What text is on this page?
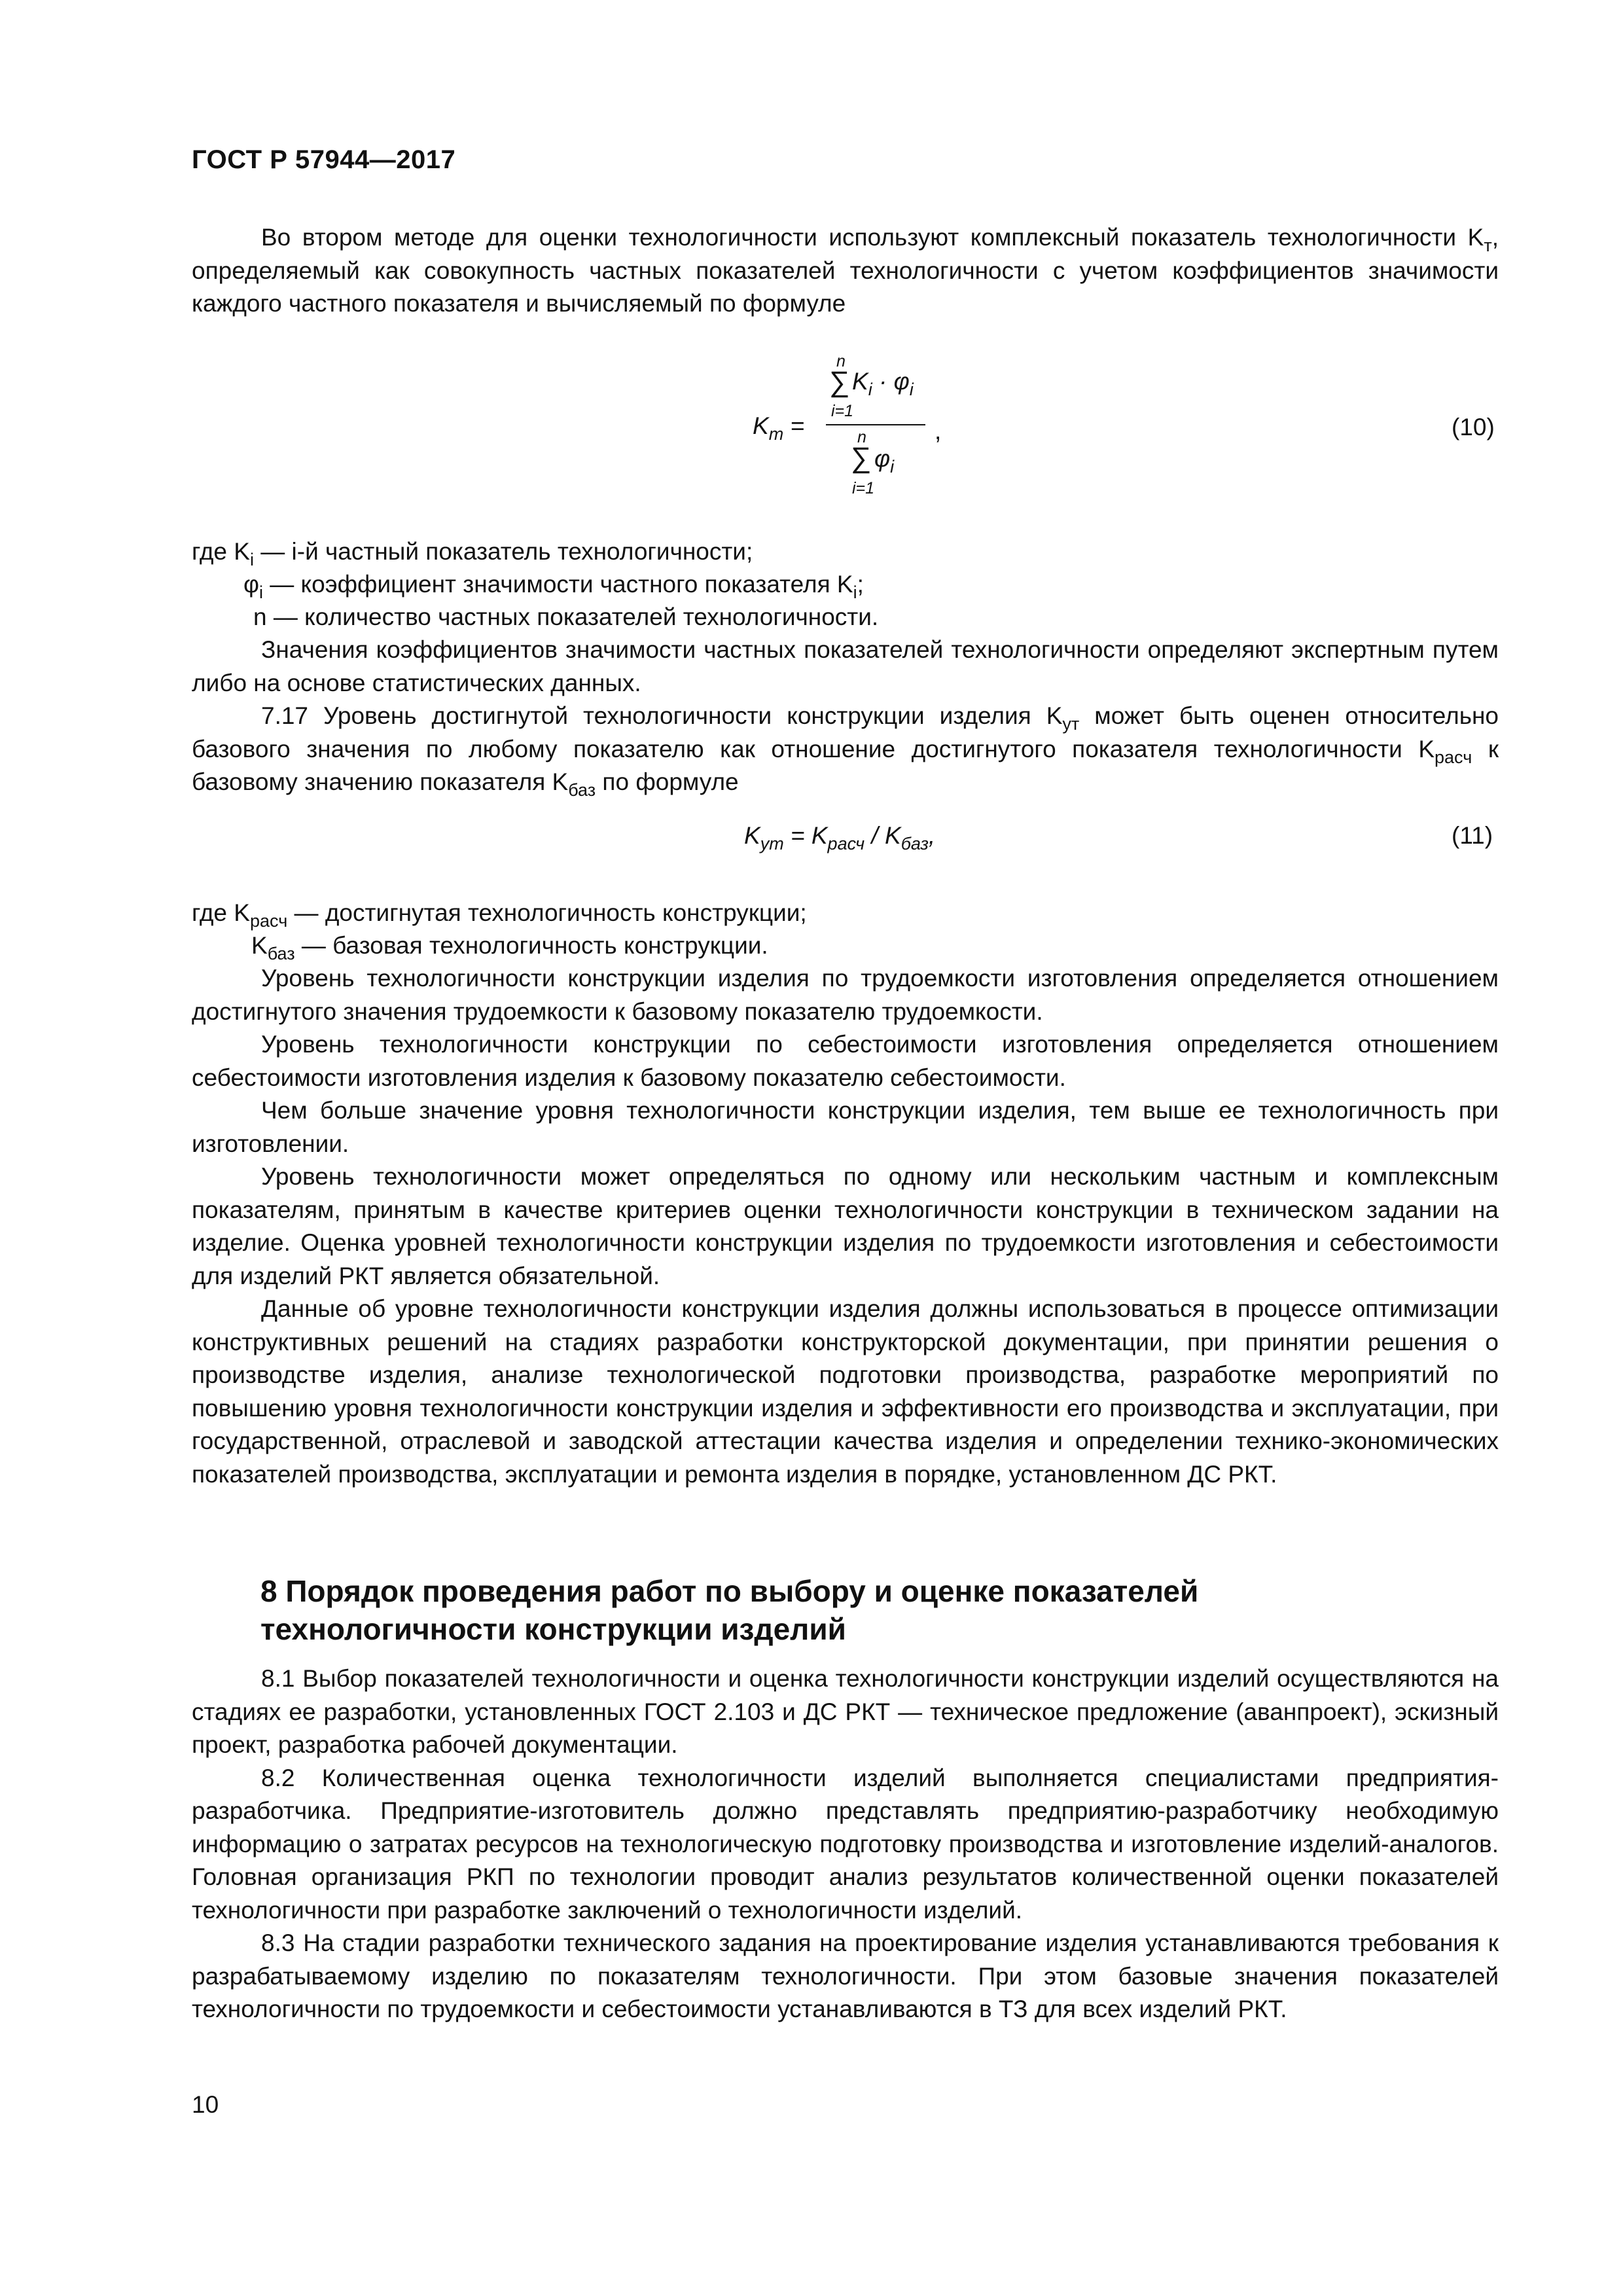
ГОСТ Р 57944—2017

Во втором методе для оценки технологичности используют комплексный показатель технологичности $K_т$, определяемый как совокупность частных показателей технологичности с учетом коэффициентов значимости каждого частного показателя и вычисляемый по формуле

$K_т$ =
n
∑ $K_i \cdot \varphi_i$
i=1
n
∑ $\varphi_i$
i=1
,	(10)
где $K_i$ — i-й частный показатель технологичности;
$\varphi_i$ — коэффициент значимости частного показателя $K_i$;
n — количество частных показателей технологичности.

Значения коэффициентов значимости частных показателей технологичности определяют экспертным путем либо на основе статистических данных.

7.17 Уровень достигнутой технологичности конструкции изделия $K_{ут}$ может быть оценен относительно базового значения по любому показателю как отношение достигнутого показателя технологичности $K_{расч}$ к базовому значению показателя $K_{баз}$ по формуле

$K_{ут} = K_{расч} / K_{баз}$,	(11)
где $K_{расч}$ — достигнутая технологичность конструкции;
$K_{баз}$ — базовая технологичность конструкции.

Уровень технологичности конструкции изделия по трудоемкости изготовления определяется отношением достигнутого значения трудоемкости к базовому показателю трудоемкости.

Уровень технологичности конструкции по себестоимости изготовления определяется отношением себестоимости изготовления изделия к базовому показателю себестоимости.

Чем больше значение уровня технологичности конструкции изделия, тем выше ее технологичность при изготовлении.

Уровень технологичности может определяться по одному или нескольким частным и комплексным показателям, принятым в качестве критериев оценки технологичности конструкции в техническом задании на изделие. Оценка уровней технологичности конструкции изделия по трудоемкости изготовления и себестоимости для изделий РКТ является обязательной.

Данные об уровне технологичности конструкции изделия должны использоваться в процессе оптимизации конструктивных решений на стадиях разработки конструкторской документации, при принятии решения о производстве изделия, анализе технологической подготовки производства, разработке мероприятий по повышению уровня технологичности конструкции изделия и эффективности его производства и эксплуатации, при государственной, отраслевой и заводской аттестации качества изделия и определении технико-экономических показателей производства, эксплуатации и ремонта изделия в порядке, установленном ДС РКТ.

8 Порядок проведения работ по выбору и оценке показателей
технологичности конструкции изделий

8.1 Выбор показателей технологичности и оценка технологичности конструкции изделий осуществляются на стадиях ее разработки, установленных ГОСТ 2.103 и ДС РКТ — техническое предложение (аванпроект), эскизный проект, разработка рабочей документации.

8.2 Количественная оценка технологичности изделий выполняется специалистами предприятия-разработчика. Предприятие-изготовитель должно представлять предприятию-разработчику необходимую информацию о затратах ресурсов на технологическую подготовку производства и изготовление изделий-аналогов. Головная организация РКП по технологии проводит анализ результатов количественной оценки показателей технологичности при разработке заключений о технологичности изделий.

8.3 На стадии разработки технического задания на проектирование изделия устанавливаются требования к разрабатываемому изделию по показателям технологичности. При этом базовые значения показателей технологичности по трудоемкости и себестоимости устанавливаются в ТЗ для всех изделий РКТ.

10
